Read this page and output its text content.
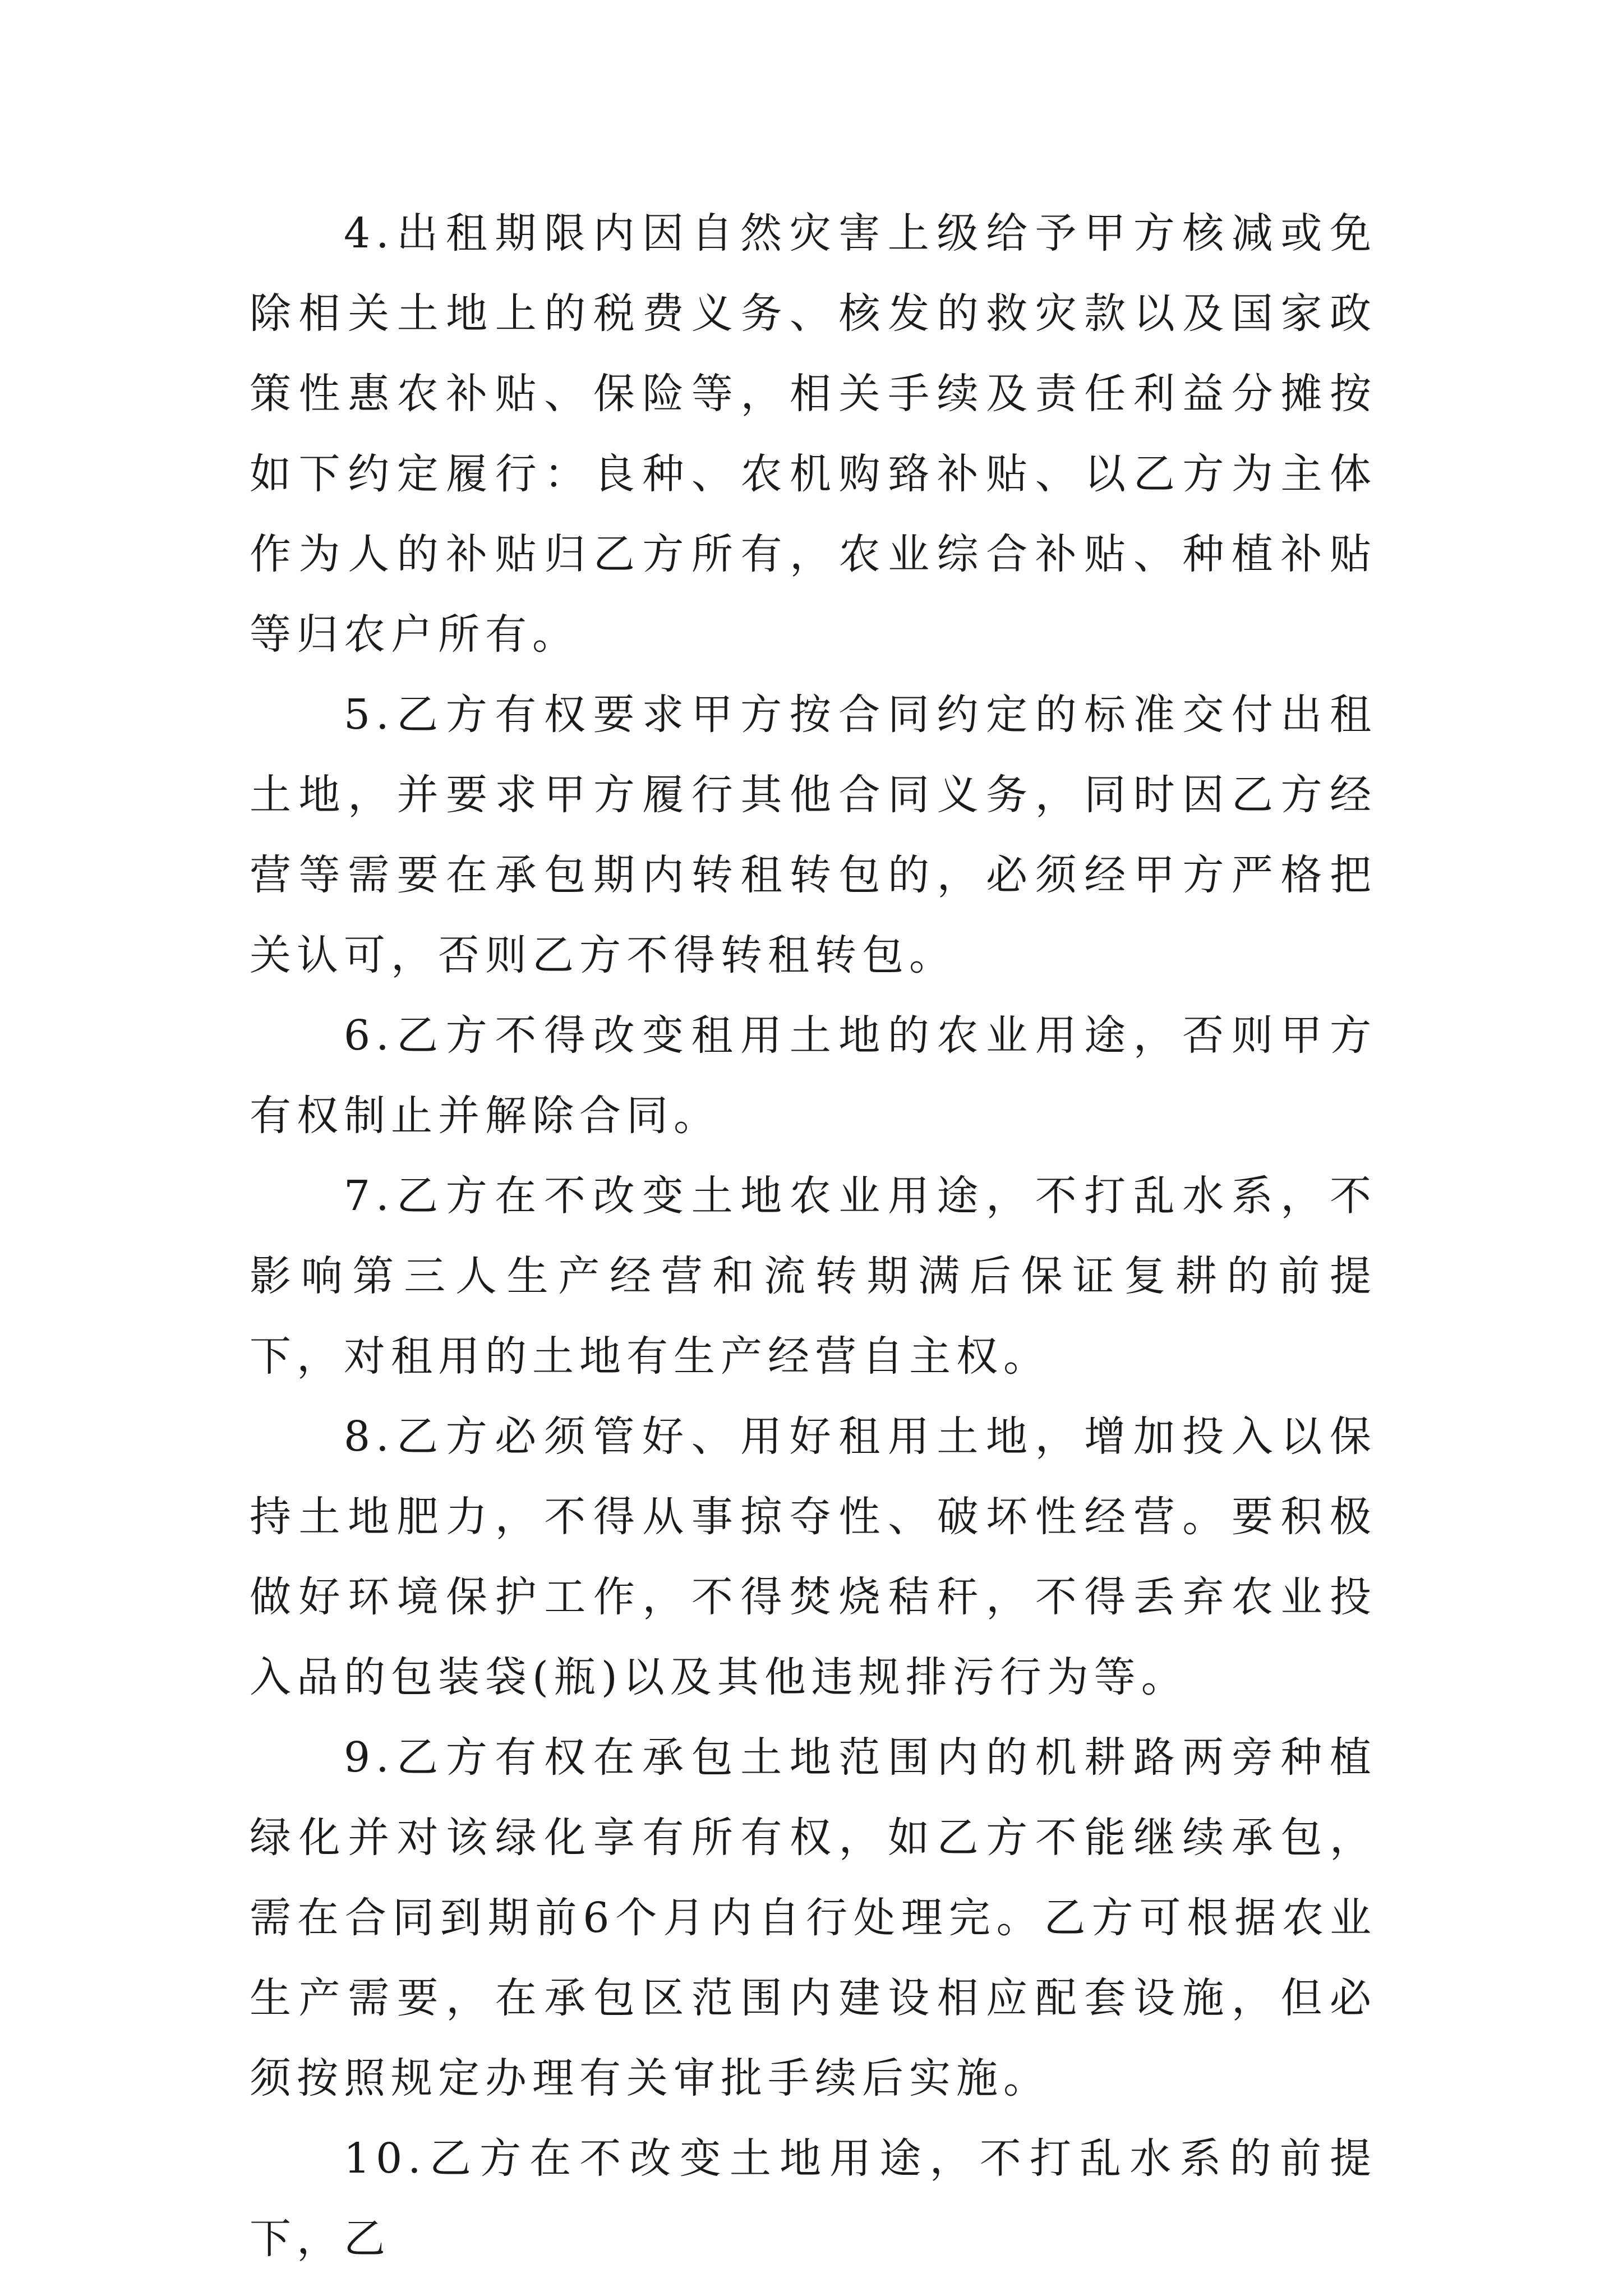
4.出租期限内因自然灾害上级给予甲方核减或免除相关土地上的税费义务、核发的救灾款以及国家政策性惠农补贴、保险等，相关手续及责任利益分摊按如下约定履行：良种、农机购臵补贴、以乙方为主体作为人的补贴归乙方所有，农业综合补贴、种植补贴等归农户所有。

5.乙方有权要求甲方按合同约定的标准交付出租土地，并要求甲方履行其他合同义务，同时因乙方经营等需要在承包期内转租转包的，必须经甲方严格把关认可，否则乙方不得转租转包。

6.乙方不得改变租用土地的农业用途，否则甲方有权制止并解除合同。

7.乙方在不改变土地农业用途，不打乱水系，不影响第三人生产经营和流转期满后保证复耕的前提下，对租用的土地有生产经营自主权。

8.乙方必须管好、用好租用土地，增加投入以保持土地肥力，不得从事掠夺性、破坏性经营。要积极做好环境保护工作，不得焚烧秸秆，不得丢弃农业投入品的包装袋(瓶)以及其他违规排污行为等。

9.乙方有权在承包土地范围内的机耕路两旁种植绿化并对该绿化享有所有权，如乙方不能继续承包，需在合同到期前6个月内自行处理完。乙方可根据农业生产需要，在承包区范围内建设相应配套设施，但必须按照规定办理有关审批手续后实施。

10.乙方在不改变土地用途，不打乱水系的前提下，乙
